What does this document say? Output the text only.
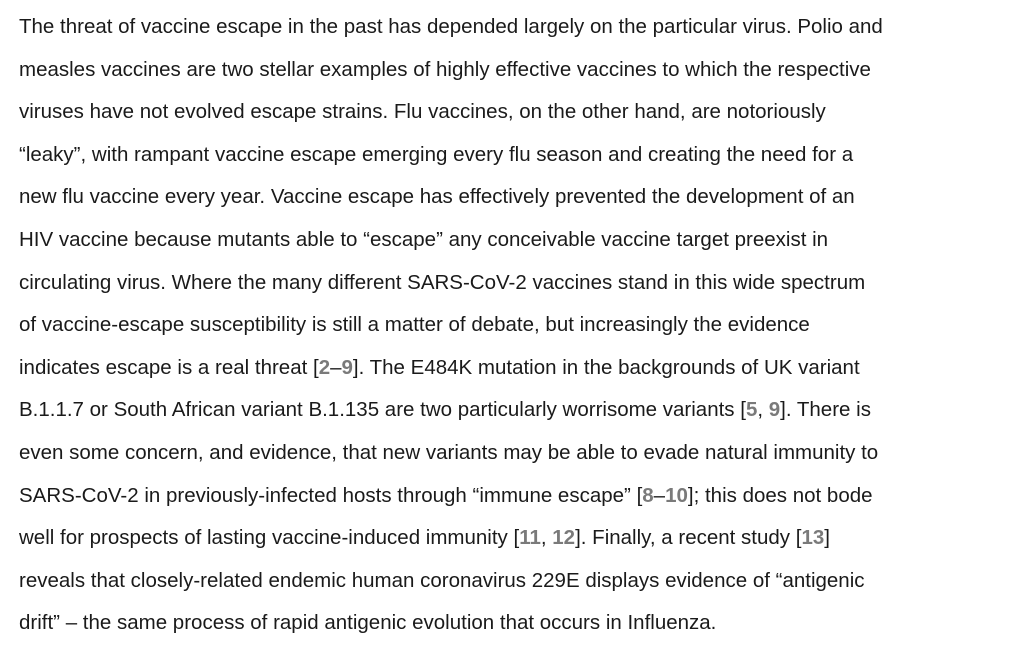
The threat of vaccine escape in the past has depended largely on the particular virus. Polio and
measles vaccines are two stellar examples of highly effective vaccines to which the respective
viruses have not evolved escape strains. Flu vaccines, on the other hand, are notoriously
“leaky”, with rampant vaccine escape emerging every flu season and creating the need for a
new flu vaccine every year. Vaccine escape has effectively prevented the development of an
HIV vaccine because mutants able to “escape” any conceivable vaccine target preexist in
circulating virus. Where the many different SARS-CoV-2 vaccines stand in this wide spectrum
of vaccine-escape susceptibility is still a matter of debate, but increasingly the evidence
indicates escape is a real threat [2–9]. The E484K mutation in the backgrounds of UK variant
B.1.1.7 or South African variant B.1.135 are two particularly worrisome variants [5, 9]. There is
even some concern, and evidence, that new variants may be able to evade natural immunity to
SARS-CoV-2 in previously-infected hosts through “immune escape” [8–10]; this does not bode
well for prospects of lasting vaccine-induced immunity [11, 12]. Finally, a recent study [13]
reveals that closely-related endemic human coronavirus 229E displays evidence of “antigenic
drift” – the same process of rapid antigenic evolution that occurs in Influenza.
